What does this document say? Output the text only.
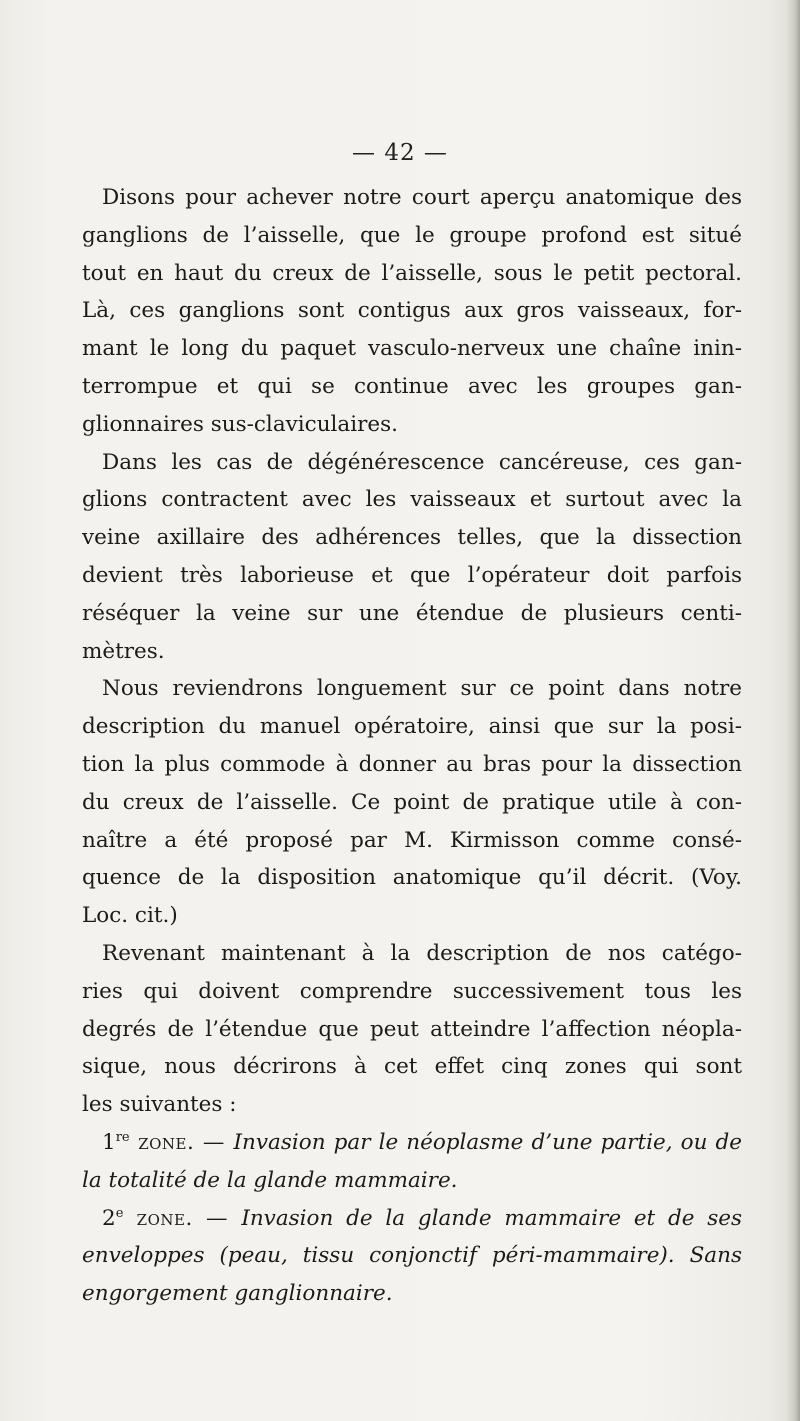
— 42 —
Disons pour achever notre court aperçu anatomique des
ganglions de l’aisselle, que le groupe profond est situé
tout en haut du creux de l’aisselle, sous le petit pectoral.
Là, ces ganglions sont contigus aux gros vaisseaux, for-
mant le long du paquet vasculo-nerveux une chaîne inin-
terrompue et qui se continue avec les groupes gan-
glionnaires sus-claviculaires.
Dans les cas de dégénérescence cancéreuse, ces gan-
glions contractent avec les vaisseaux et surtout avec la
veine axillaire des adhérences telles, que la dissection
devient très laborieuse et que l’opérateur doit parfois
réséquer la veine sur une étendue de plusieurs centi-
mètres.
Nous reviendrons longuement sur ce point dans notre
description du manuel opératoire, ainsi que sur la posi-
tion la plus commode à donner au bras pour la dissection
du creux de l’aisselle. Ce point de pratique utile à con-
naître a été proposé par M. Kirmisson comme consé-
quence de la disposition anatomique qu’il décrit. (Voy.
Loc. cit.)
Revenant maintenant à la description de nos catégo-
ries qui doivent comprendre successivement tous les
degrés de l’étendue que peut atteindre l’affection néopla-
sique, nous décrirons à cet effet cinq zones qui sont
les suivantes :
1re zone. — Invasion par le néoplasme d’une partie, ou de
la totalité de la glande mammaire.
2e zone. — Invasion de la glande mammaire et de ses
enveloppes (peau, tissu conjonctif péri-mammaire). Sans
engorgement ganglionnaire.
